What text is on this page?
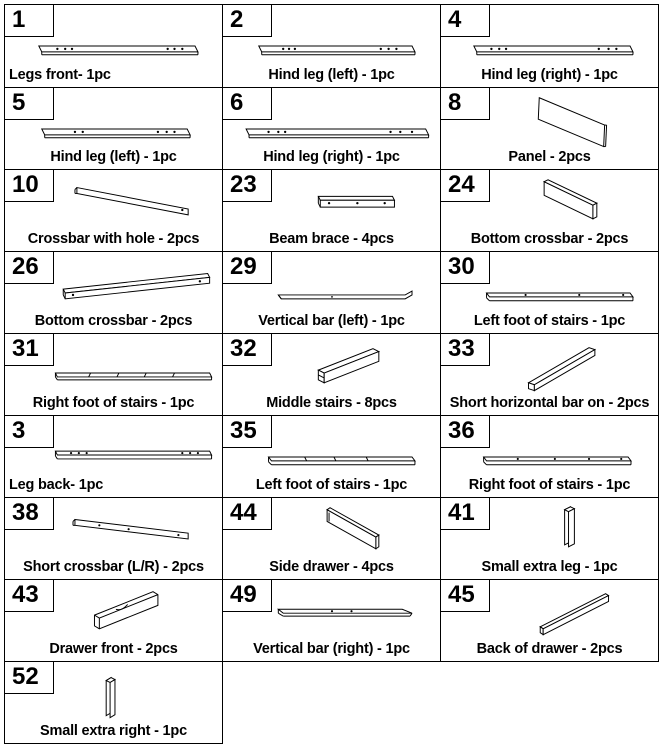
1
Legs front- 1pc
2
Hind leg (left) - 1pc
4
Hind leg (right) - 1pc
5
Hind leg (left) - 1pc
6
Hind leg (right) - 1pc
8
Panel - 2pcs
10
Crossbar with hole - 2pcs
23
Beam brace - 4pcs
24
Bottom crossbar - 2pcs
26
Bottom crossbar - 2pcs
29
Vertical bar (left) - 1pc
30
Left foot of stairs - 1pc
31
Right foot of stairs - 1pc
32
Middle stairs - 8pcs
33
Short horizontal bar on - 2pcs
3
Leg back- 1pc
35
Left foot of stairs - 1pc
36
Right foot of stairs - 1pc
38
Short crossbar (L/R) - 2pcs
44
Side drawer - 4pcs
41
Small extra leg - 1pc
43
Drawer front - 2pcs
49
Vertical bar (right) - 1pc
45
Back of drawer - 2pcs
52
Small extra right - 1pc
